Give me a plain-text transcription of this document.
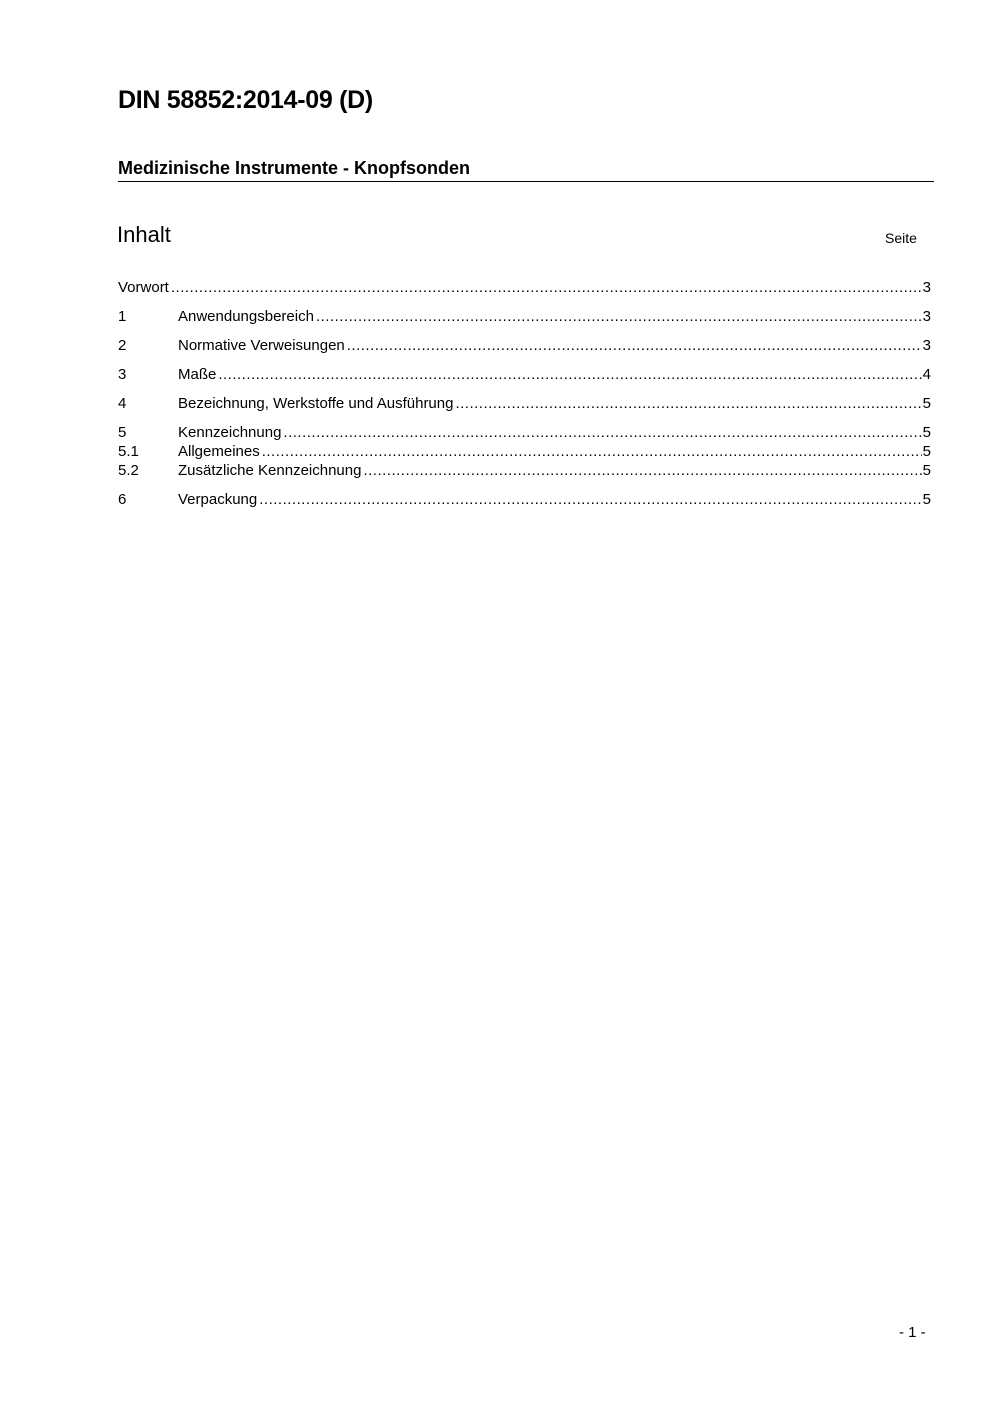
DIN 58852:2014-09 (D)
Medizinische Instrumente - Knopfsonden
Inhalt	Seite
Vorwort .....	3
1	Anwendungsbereich .....	3
2	Normative Verweisungen .....	3
3	Maße .....	4
4	Bezeichnung, Werkstoffe und Ausführung .....	5
5	Kennzeichnung .....	5
5.1	Allgemeines .....	5
5.2	Zusätzliche Kennzeichnung .....	5
6	Verpackung .....	5
- 1 -
